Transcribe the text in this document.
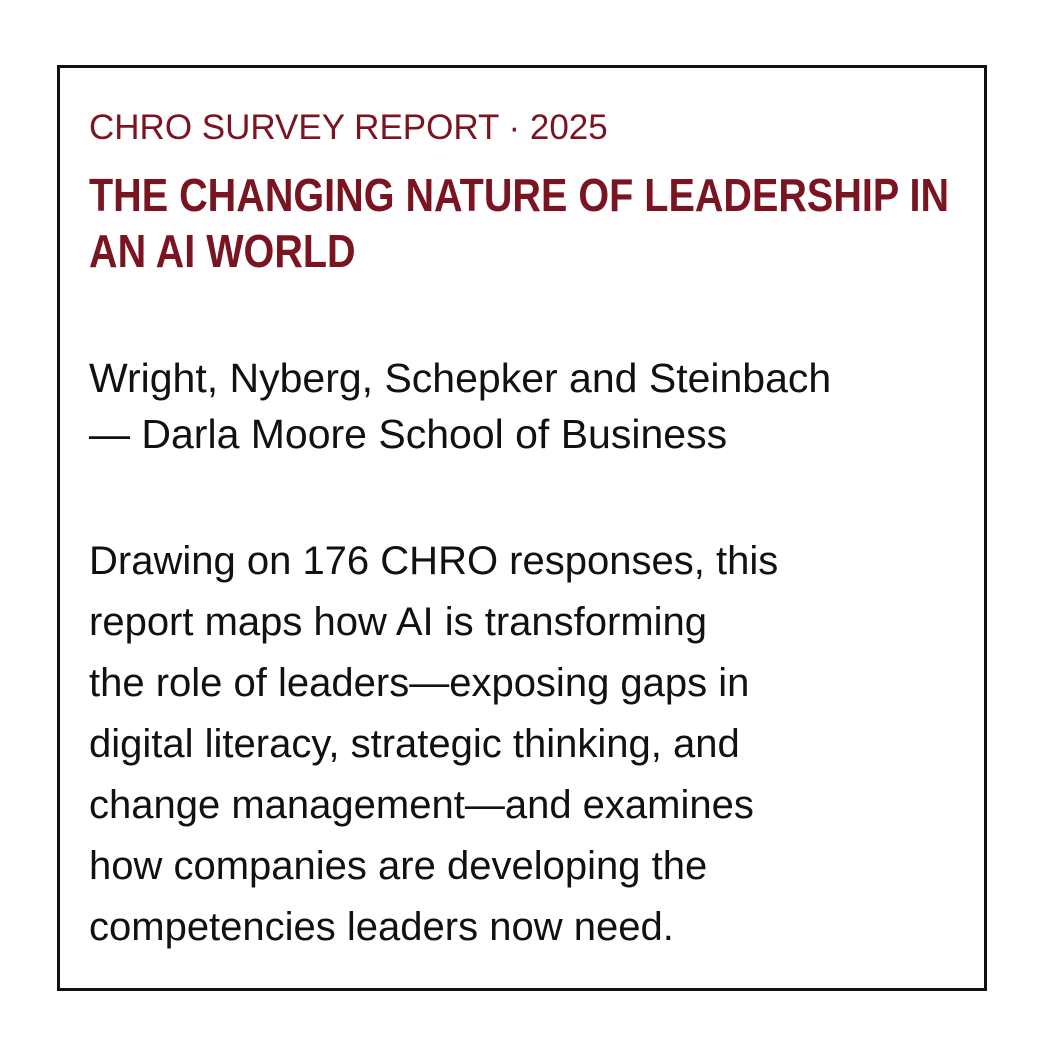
CHRO SURVEY REPORT · 2025

THE CHANGING NATURE OF LEADERSHIP IN AN AI WORLD
Wright, Nyberg, Schepker and Steinbach
— Darla Moore School of Business
Drawing on 176 CHRO responses, this
report maps how AI is transforming
the role of leaders—exposing gaps in
digital literacy, strategic thinking, and
change management—and examines
how companies are developing the
competencies leaders now need.
